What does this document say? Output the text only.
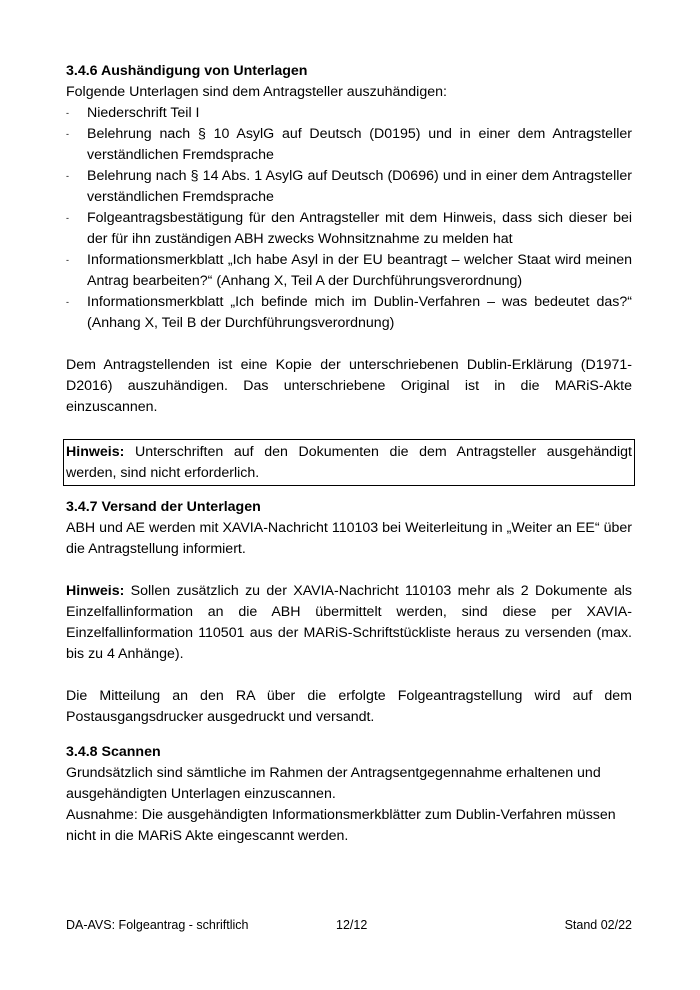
3.4.6 Aushändigung von Unterlagen

Folgende Unterlagen sind dem Antragsteller auszuhändigen:

- Niederschrift Teil I
- Belehrung nach § 10 AsylG auf Deutsch (D0195) und in einer dem Antragsteller verständlichen Fremdsprache
- Belehrung nach § 14 Abs. 1 AsylG auf Deutsch (D0696) und in einer dem Antragsteller verständlichen Fremdsprache
- Folgeantragsbestätigung für den Antragsteller mit dem Hinweis, dass sich dieser bei der für ihn zuständigen ABH zwecks Wohnsitznahme zu melden hat
- Informationsmerkblatt „Ich habe Asyl in der EU beantragt – welcher Staat wird meinen Antrag bearbeiten?“ (Anhang X, Teil A der Durchführungsverordnung)
- Informationsmerkblatt „Ich befinde mich im Dublin-Verfahren – was bedeutet das?“ (Anhang X, Teil B der Durchführungsverordnung)

Dem Antragstellenden ist eine Kopie der unterschriebenen Dublin-Erklärung (D1971-D2016) auszuhändigen. Das unterschriebene Original ist in die MARiS-Akte einzuscannen.

Hinweis: Unterschriften auf den Dokumenten die dem Antragsteller ausgehändigt werden, sind nicht erforderlich.
3.4.7 Versand der Unterlagen

ABH und AE werden mit XAVIA-Nachricht 110103 bei Weiterleitung in „Weiter an EE“ über die Antragstellung informiert.

Hinweis: Sollen zusätzlich zu der XAVIA-Nachricht 110103 mehr als 2 Dokumente als Einzelfallinformation an die ABH übermittelt werden, sind diese per XAVIA-Einzelfallinformation 110501 aus der MARiS-Schriftstückliste heraus zu versenden (max. bis zu 4 Anhänge).

Die Mitteilung an den RA über die erfolgte Folgeantragstellung wird auf dem Postausgangsdrucker ausgedruckt und versandt.

3.4.8 Scannen

Grundsätzlich sind sämtliche im Rahmen der Antragsentgegennahme erhaltenen und ausgehändigten Unterlagen einzuscannen.

Ausnahme: Die ausgehändigten Informationsmerkblätter zum Dublin-Verfahren müssen nicht in die MARiS Akte eingescannt werden.

DA-AVS: Folgeantrag - schriftlich	12/12	Stand 02/22
